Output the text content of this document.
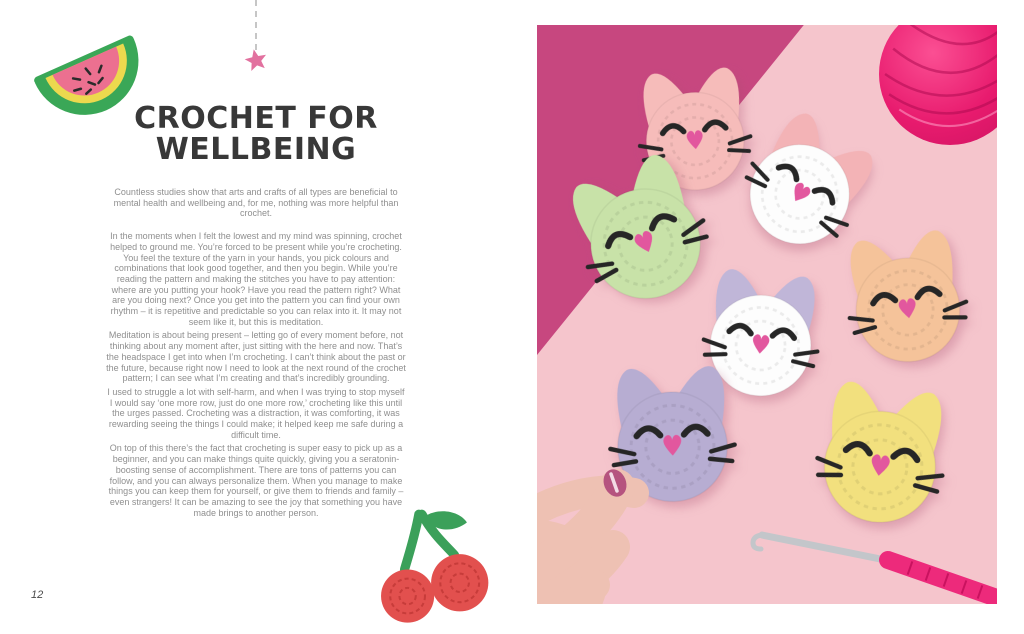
CROCHET FOR
WELLBEING

Countless studies show that arts and crafts of all types are beneficial to mental health and wellbeing and, for me, nothing was more helpful than crochet.

In the moments when I felt the lowest and my mind was spinning, crochet helped to ground me. You’re forced to be present while you’re crocheting. You feel the texture of the yarn in your hands, you pick colours and combinations that look good together, and then you begin. While you’re reading the pattern and making the stitches you have to pay attention: where are you putting your hook? Have you read the pattern right? What are you doing next? Once you get into the pattern you can find your own rhythm – it is repetitive and predictable so you can relax into it. It may not seem like it, but this is meditation.

Meditation is about being present – letting go of every moment before, not thinking about any moment after, just sitting with the here and now. That’s the headspace I get into when I’m crocheting. I can’t think about the past or the future, because right now I need to look at the next round of the crochet pattern; I can see what I’m creating and that’s incredibly grounding.

I used to struggle a lot with self-harm, and when I was trying to stop myself I would say ‘one more row, just do one more row,’ crocheting like this until the urges passed. Crocheting was a distraction, it was comforting, it was rewarding seeing the things I could make; it helped keep me safe during a difficult time.

On top of this there’s the fact that crocheting is super easy to pick up as a beginner, and you can make things quite quickly, giving you a seratonin-boosting sense of accomplishment. There are tons of patterns you can follow, and you can always personalize them. When you manage to make things you can keep them for yourself, or give them to friends and family – even strangers! It can be amazing to see the joy that something you have made brings to another person.

12
